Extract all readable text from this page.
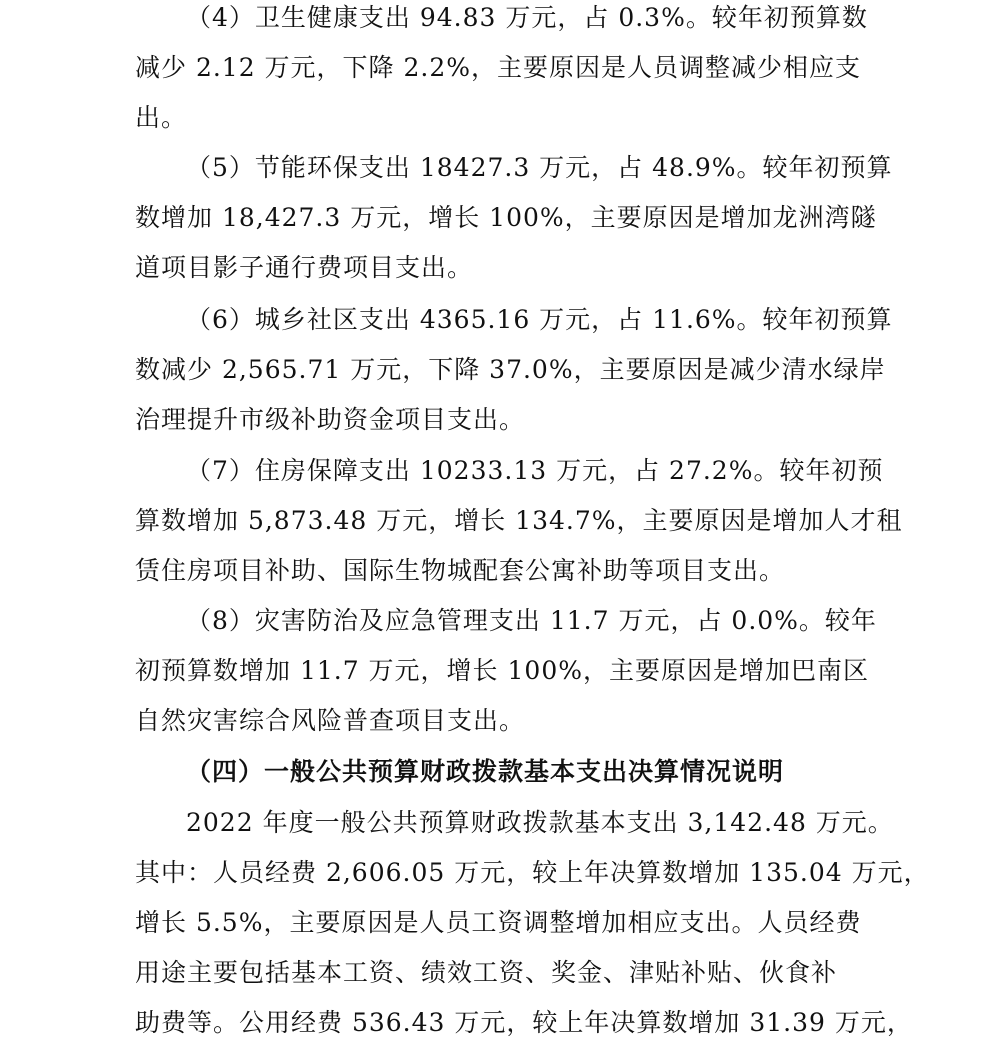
（4）卫生健康支出 94.83 万元，占 0.3%。较年初预算数
减少 2.12 万元，下降 2.2%，主要原因是人员调整减少相应支
出。
（5）节能环保支出 18427.3 万元，占 48.9%。较年初预算
数增加 18,427.3 万元，增长 100%，主要原因是增加龙洲湾隧
道项目影子通行费项目支出。
（6）城乡社区支出 4365.16 万元，占 11.6%。较年初预算
数减少 2,565.71 万元，下降 37.0%，主要原因是减少清水绿岸
治理提升市级补助资金项目支出。
（7）住房保障支出 10233.13 万元，占 27.2%。较年初预
算数增加 5,873.48 万元，增长 134.7%，主要原因是增加人才租
赁住房项目补助、国际生物城配套公寓补助等项目支出。
（8）灾害防治及应急管理支出 11.7 万元，占 0.0%。较年
初预算数增加 11.7 万元，增长 100%，主要原因是增加巴南区
自然灾害综合风险普查项目支出。
（四）一般公共预算财政拨款基本支出决算情况说明
2022 年度一般公共预算财政拨款基本支出 3,142.48 万元。
其中：人员经费 2,606.05 万元，较上年决算数增加 135.04 万元，
增长 5.5%，主要原因是人员工资调整增加相应支出。人员经费
用途主要包括基本工资、绩效工资、奖金、津贴补贴、伙食补
助费等。公用经费 536.43 万元，较上年决算数增加 31.39 万元，
